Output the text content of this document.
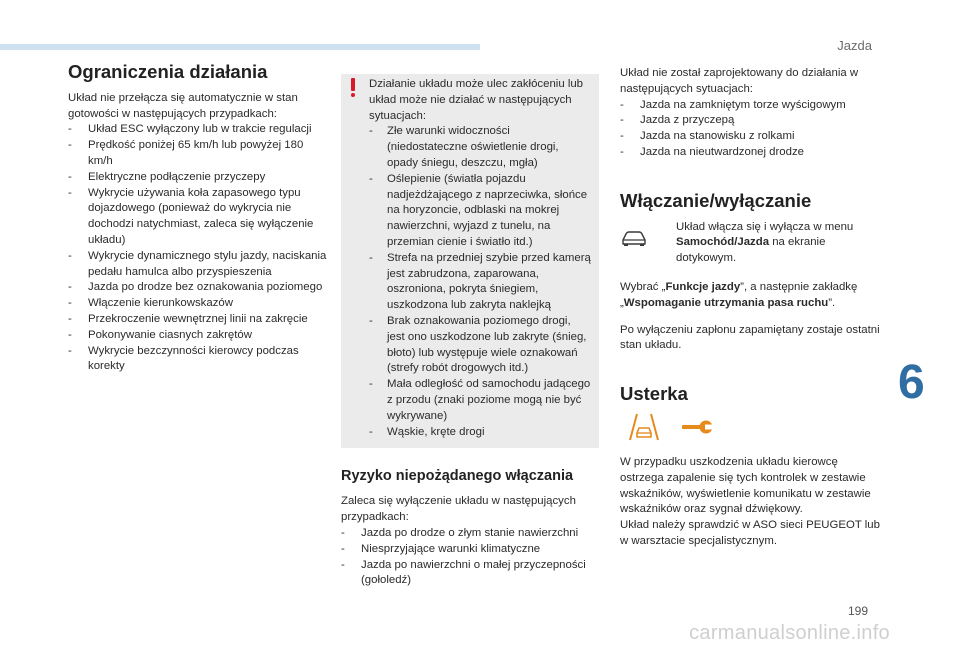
Jazda
6
Ograniczenia działania

Układ nie przełącza się automatycznie w stan gotowości w następujących przypadkach:

- Układ ESC wyłączony lub w trakcie regulacji
- Prędkość poniżej 65 km/h lub powyżej 180 km/h
- Elektryczne podłączenie przyczepy
- Wykrycie używania koła zapasowego typu dojazdowego (ponieważ do wykrycia nie dochodzi natychmiast, zaleca się wyłączenie układu)
- Wykrycie dynamicznego stylu jazdy, naciskania pedału hamulca albo przyspieszenia
- Jazda po drodze bez oznakowania poziomego
- Włączenie kierunkowskazów
- Przekroczenie wewnętrznej linii na zakręcie
- Pokonywanie ciasnych zakrętów
- Wykrycie bezczynności kierowcy podczas korekty

Działanie układu może ulec zakłóceniu lub układ może nie działać w następujących sytuacjach:

- Złe warunki widoczności (niedostateczne oświetlenie drogi, opady śniegu, deszczu, mgła)
- Oślepienie (światła pojazdu nadjeżdżającego z naprzeciwka, słońce na horyzoncie, odblaski na mokrej nawierzchni, wyjazd z tunelu, na przemian cienie i światło itd.)
- Strefa na przedniej szybie przed kamerą jest zabrudzona, zaparowana, oszroniona, pokryta śniegiem, uszkodzona lub zakryta naklejką
- Brak oznakowania poziomego drogi, jest ono uszkodzone lub zakryte (śnieg, błoto) lub występuje wiele oznakowań (strefy robót drogowych itd.)
- Mała odległość od samochodu jadącego z przodu (znaki poziome mogą nie być wykrywane)
- Wąskie, kręte drogi
Ryzyko niepożądanego włączania

Zaleca się wyłączenie układu w następujących przypadkach:

- Jazda po drodze o złym stanie nawierzchni
- Niesprzyjające warunki klimatyczne
- Jazda po nawierzchni o małej przyczepności (gołoledź)

Układ nie został zaprojektowany do działania w następujących sytuacjach:

- Jazda na zamkniętym torze wyścigowym
- Jazda z przyczepą
- Jazda na stanowisku z rolkami
- Jazda na nieutwardzonej drodze
Włączanie/wyłączanie

Układ włącza się i wyłącza w menu Samochód/Jazda na ekranie dotykowym.

Wybrać „Funkcje jazdy”, a następnie zakładkę „Wspomaganie utrzymania pasa ruchu”.

Po wyłączeniu zapłonu zapamiętany zostaje ostatni stan układu.

Usterka

W przypadku uszkodzenia układu kierowcę ostrzega zapalenie się tych kontrolek w zestawie wskaźników, wyświetlenie komunikatu w zestawie wskaźników oraz sygnał dźwiękowy.

Układ należy sprawdzić w ASO sieci PEUGEOT lub w warsztacie specjalistycznym.

199
carmanualsonline.info
